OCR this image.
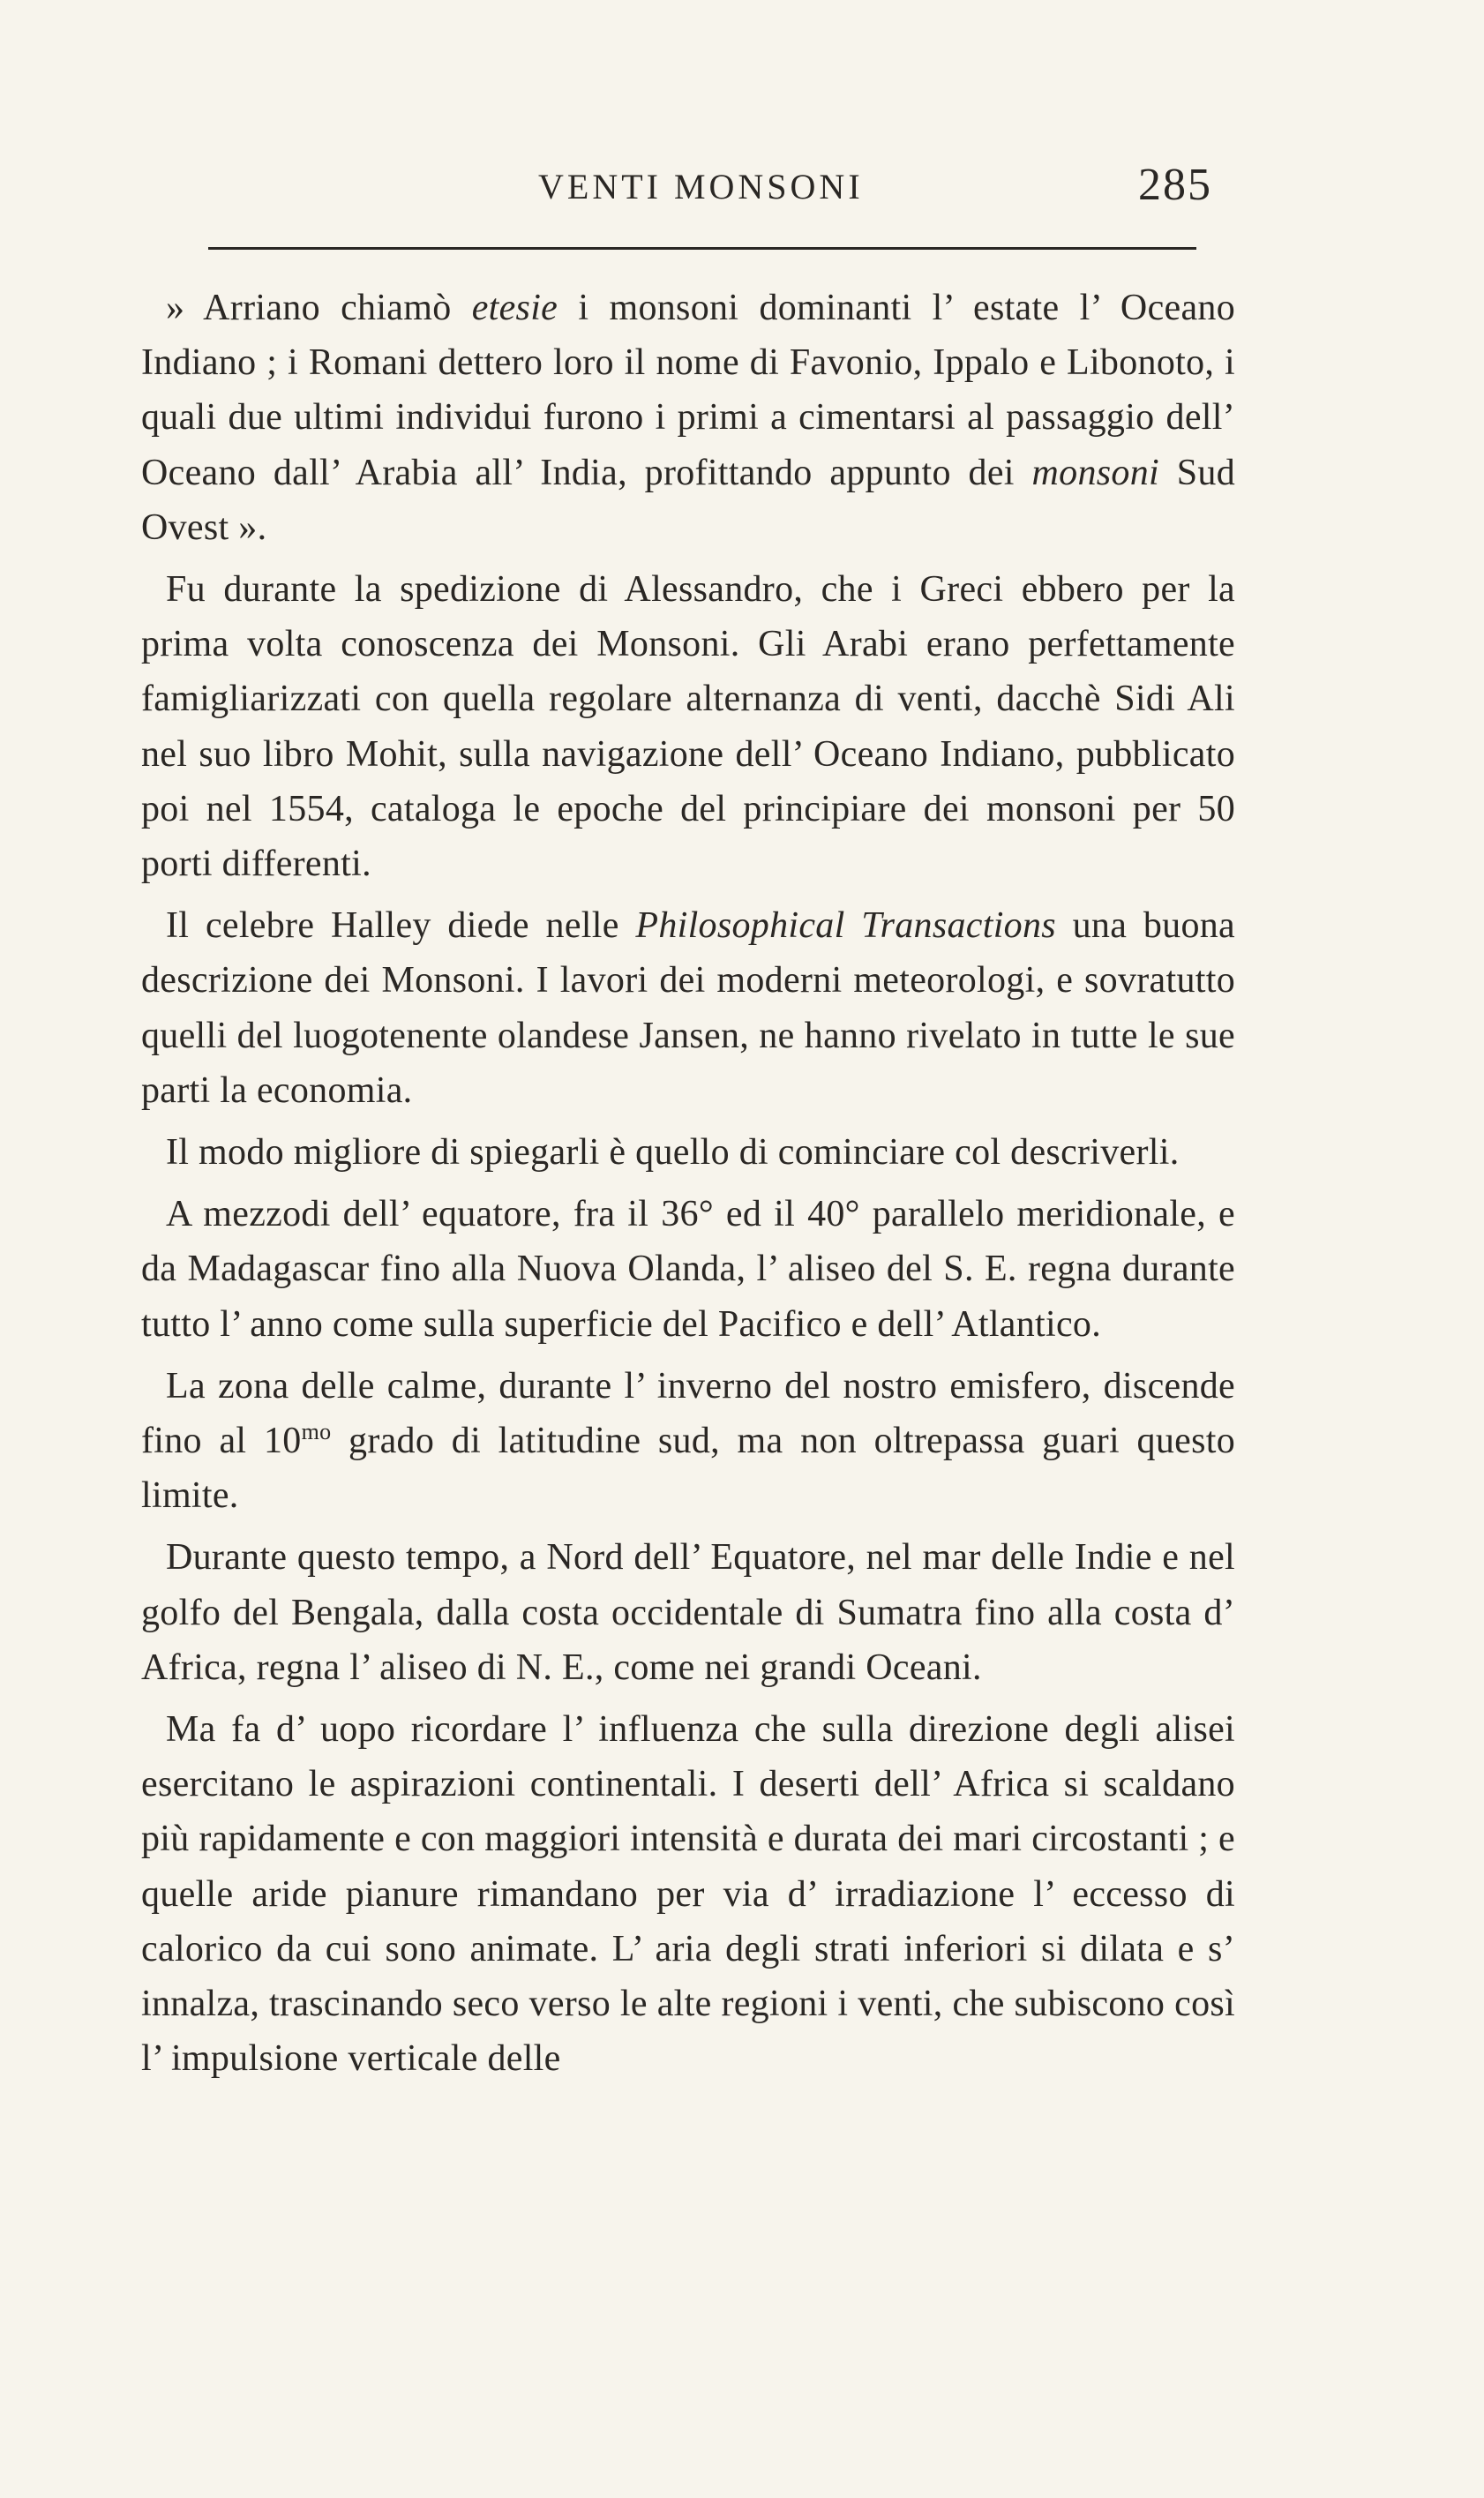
VENTI MONSONI	285

» Arriano chiamò etesie i monsoni dominanti l’ estate l’ Oceano Indiano ; i Romani dettero loro il nome di Favonio, Ippalo e Libonoto, i quali due ultimi individui furono i primi a cimentarsi al passaggio dell’ Oceano dall’ Arabia all’ India, profittando appunto dei monsoni Sud Ovest ».

Fu durante la spedizione di Alessandro, che i Greci ebbero per la prima volta conoscenza dei Monsoni. Gli Arabi erano perfettamente famigliarizzati con quella regolare alternanza di venti, dacchè Sidi Ali nel suo libro Mohit, sulla navigazione dell’ Oceano Indiano, pubblicato poi nel 1554, cataloga le epoche del principiare dei monsoni per 50 porti differenti.

Il celebre Halley diede nelle Philosophical Transactions una buona descrizione dei Monsoni. I lavori dei moderni meteorologi, e sovratutto quelli del luogotenente olandese Jansen, ne hanno rivelato in tutte le sue parti la economia.

Il modo migliore di spiegarli è quello di cominciare col descriverli.

A mezzodi dell’ equatore, fra il 36° ed il 40° parallelo meridionale, e da Madagascar fino alla Nuova Olanda, l’ aliseo del S. E. regna durante tutto l’ anno come sulla superficie del Pacifico e dell’ Atlantico.

La zona delle calme, durante l’ inverno del nostro emisfero, discende fino al $10^{mo}$ grado di latitudine sud, ma non oltrepassa guari questo limite.

Durante questo tempo, a Nord dell’ Equatore, nel mar delle Indie e nel golfo del Bengala, dalla costa occidentale di Sumatra fino alla costa d’ Africa, regna l’ aliseo di N. E., come nei grandi Oceani.

Ma fa d’ uopo ricordare l’ influenza che sulla direzione degli alisei esercitano le aspirazioni continentali. I deserti dell’ Africa si scaldano più rapidamente e con maggiori intensità e durata dei mari circostanti ; e quelle aride pianure rimandano per via d’ irradiazione l’ eccesso di calorico da cui sono animate. L’ aria degli strati inferiori si dilata e s’ innalza, trascinando seco verso le alte regioni i venti, che subiscono così l’ impulsione verticale delle
